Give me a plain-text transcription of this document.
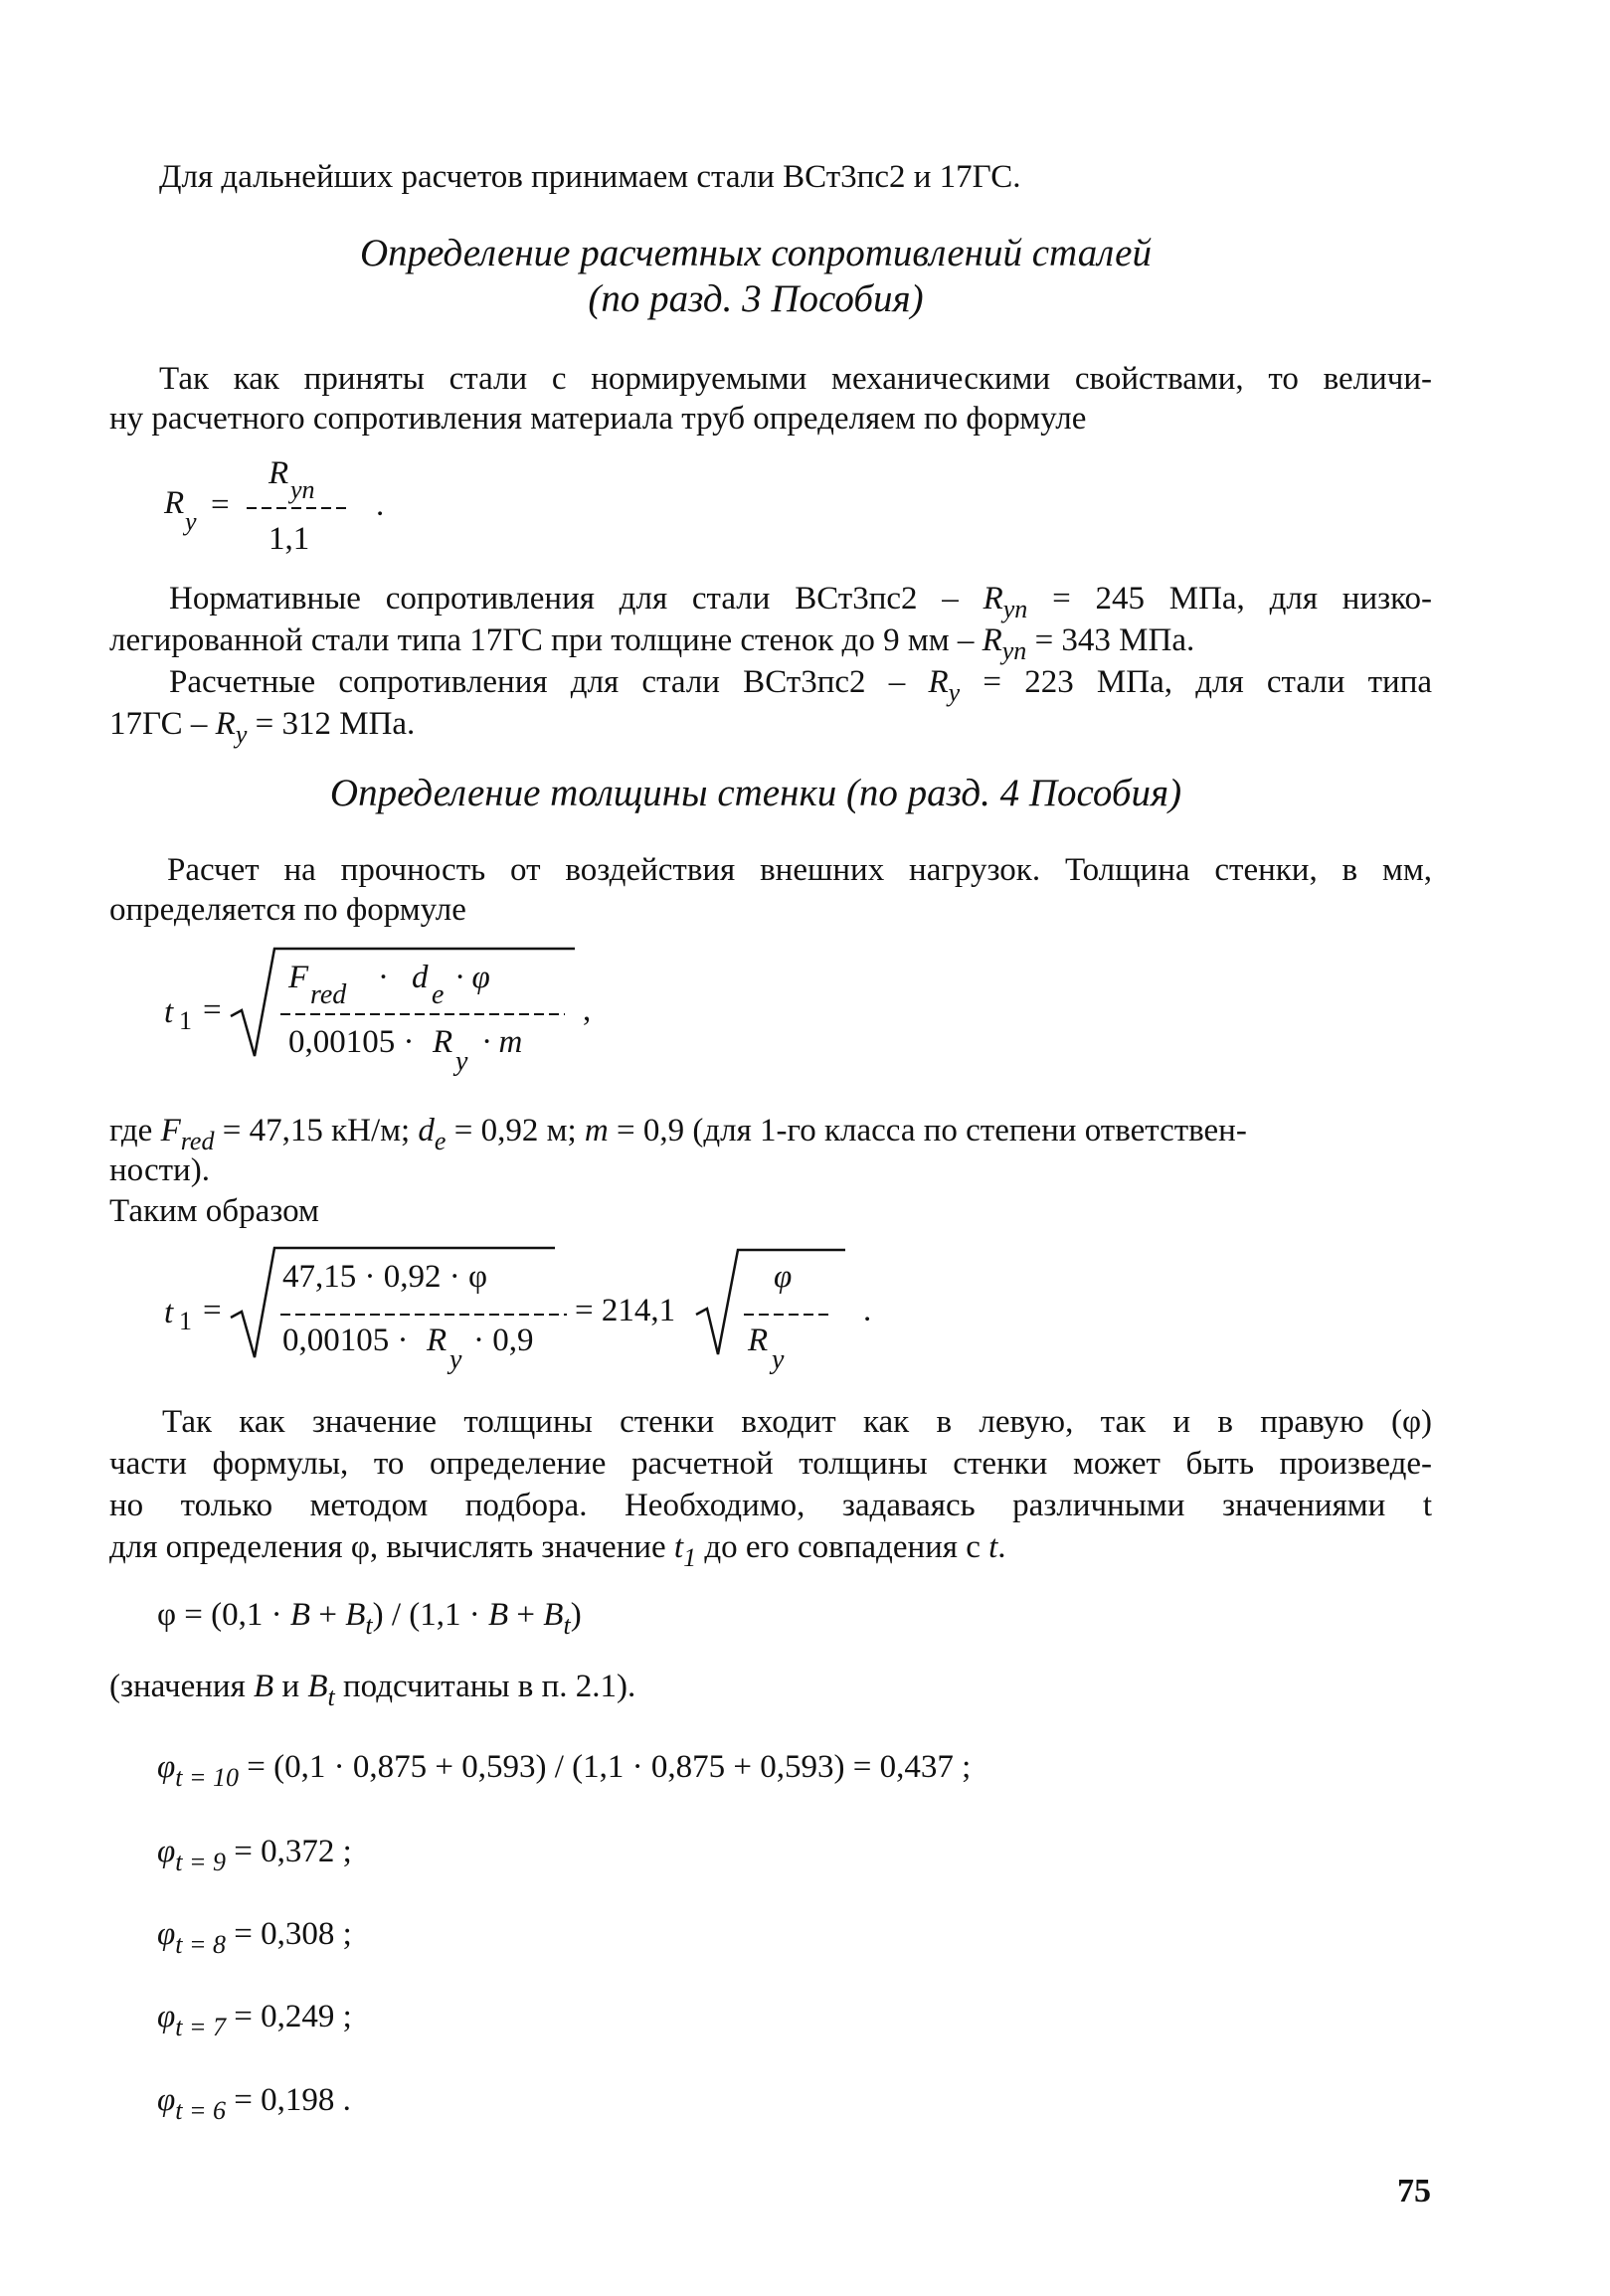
Для дальнейших расчетов принимаем стали ВСт3пс2 и 17ГС.
Определение расчетных сопротивлений сталей
(по разд. 3 Пособия)
Так как приняты стали с нормируемыми механическими свойствами, то величи-
ну расчетного сопротивления материала труб определяем по формуле
R
y =
R yn
1,1
.
Нормативные сопротивления для стали $ВСт3пс2 - R_{yn} = 245$ МПа, для низко-
легированной стали типа 17ГС при толщине стенок до 9 мм – $R_{yn} = 343$ МПа.
Расчетные сопротивления для стали $ВСт3пс2 - R_y = 223$ МПа, для стали типа
$17ГС - R_y = 312$ МПа.
Определение толщины стенки (по разд. 4 Пособия)
Расчет на прочность от воздействия внешних нагрузок. Толщина стенки, в мм,
определяется по формуле
t 1 =
F red · d e · φ
0,00105 · R
y
· m
,
где $F_{red} = 47,15$ кН/м; $d_e = 0,92$ м; m = 0,9 (для 1-го класса по степени ответствен-
ности).
Таким образом
t 1 =
47,15 · 0,92 · φ
0,00105 · R
y
· 0,9
= 214,1
φ
R
y
.
Так как значение толщины стенки входит как в левую, так и в правую (φ)
части формулы, то определение расчетной толщины стенки может быть произведе-
но только методом подбора. Необходимо, задаваясь различными значениями t
для определения φ, вычислять значение $t_1$ до его совпадения с t.
$\varphi = (0,1 \cdot B + B_t) / (1,1 \cdot B + B_t)$
(значения B и $B_t$ подсчитаны в п. 2.1).
$\varphi_{t = 10} = (0,1 \cdot 0,875 + 0,593) / (1,1 \cdot 0,875 + 0,593) = 0,437$ ;
$\varphi_{t = 9} = 0,372$ ;
$\varphi_{t = 8} = 0,308$ ;
$\varphi_{t = 7} = 0,249$ ;
$\varphi_{t = 6} = 0,198$ .
75
